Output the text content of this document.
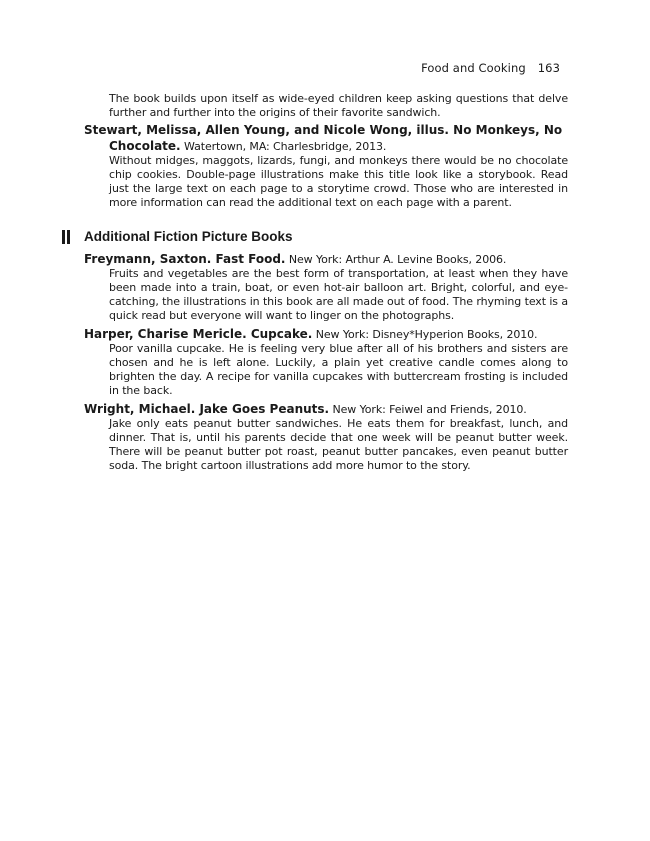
Food and Cooking 163
The book builds upon itself as wide-eyed children keep asking questions that delve further and further into the origins of their favorite sandwich.
Stewart, Melissa, Allen Young, and Nicole Wong, illus. No Monkeys, No Chocolate. Watertown, MA: Charlesbridge, 2013.
Without midges, maggots, lizards, fungi, and monkeys there would be no chocolate chip cookies. Double-page illustrations make this title look like a storybook. Read just the large text on each page to a storytime crowd. Those who are interested in more information can read the additional text on each page with a parent.
Additional Fiction Picture Books
Freymann, Saxton. Fast Food. New York: Arthur A. Levine Books, 2006.
Fruits and vegetables are the best form of transportation, at least when they have been made into a train, boat, or even hot-air balloon art. Bright, colorful, and eye-catching, the illustrations in this book are all made out of food. The rhyming text is a quick read but everyone will want to linger on the photographs.
Harper, Charise Mericle. Cupcake. New York: Disney*Hyperion Books, 2010.
Poor vanilla cupcake. He is feeling very blue after all of his brothers and sisters are chosen and he is left alone. Luckily, a plain yet creative candle comes along to brighten the day. A recipe for vanilla cupcakes with buttercream frosting is included in the back.
Wright, Michael. Jake Goes Peanuts. New York: Feiwel and Friends, 2010.
Jake only eats peanut butter sandwiches. He eats them for breakfast, lunch, and dinner. That is, until his parents decide that one week will be peanut butter week. There will be peanut butter pot roast, peanut butter pancakes, even peanut butter soda. The bright cartoon illustrations add more humor to the story.
